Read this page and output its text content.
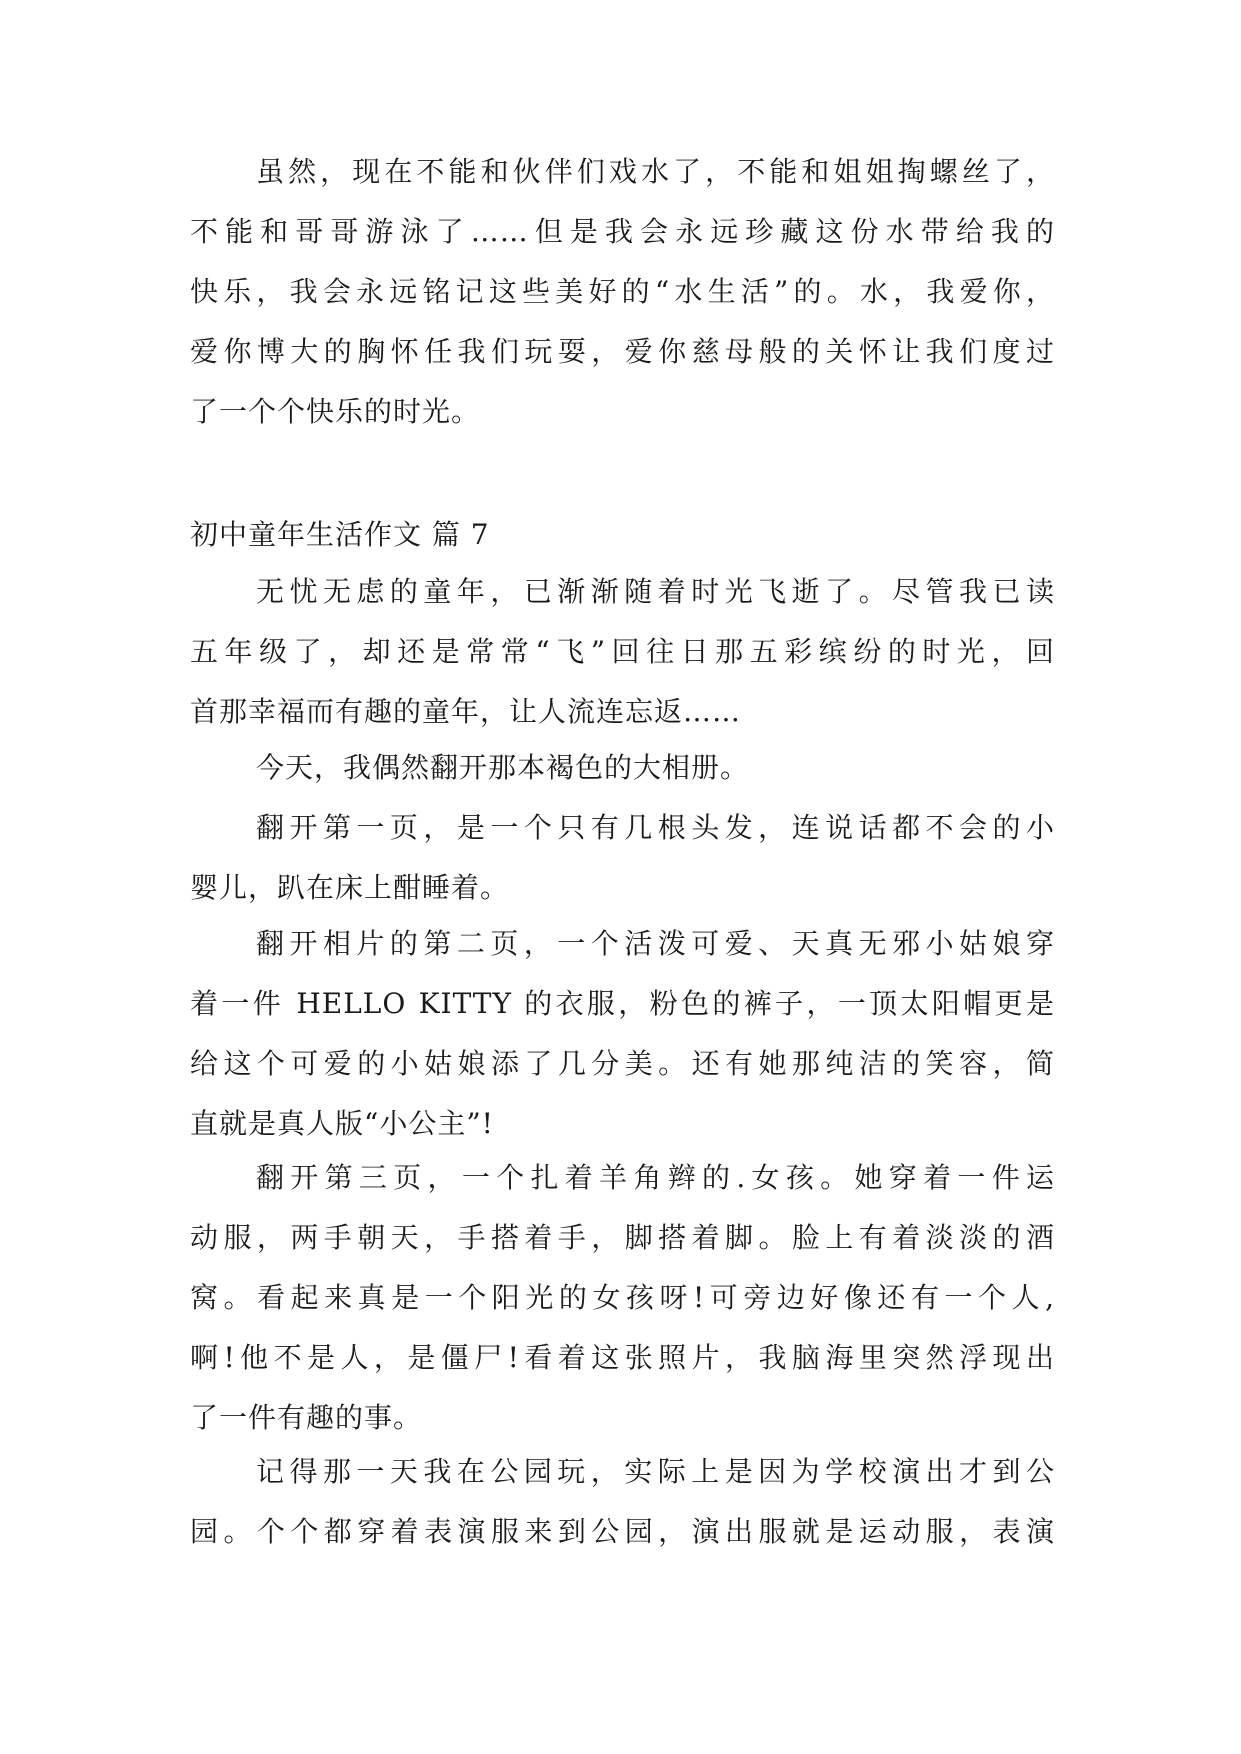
虽然，现在不能和伙伴们戏水了，不能和姐姐掏螺丝了，
不能和哥哥游泳了……但是我会永远珍藏这份水带给我的
快乐，我会永远铭记这些美好的“水生活”的。水，我爱你，
爱你博大的胸怀任我们玩耍，爱你慈母般的关怀让我们度过
了一个个快乐的时光。
初中童年生活作文 篇 7
无忧无虑的童年，已渐渐随着时光飞逝了。尽管我已读
五年级了，却还是常常“飞”回往日那五彩缤纷的时光，回
首那幸福而有趣的童年，让人流连忘返……
今天，我偶然翻开那本褐色的大相册。
翻开第一页，是一个只有几根头发，连说话都不会的小
婴儿，趴在床上酣睡着。
翻开相片的第二页，一个活泼可爱、天真无邪小姑娘穿
着一件 HELLO KITTY 的衣服，粉色的裤子，一顶太阳帽更是
给这个可爱的小姑娘添了几分美。还有她那纯洁的笑容，简
直就是真人版“小公主”!
翻开第三页，一个扎着羊角辫的.女孩。她穿着一件运
动服，两手朝天，手搭着手，脚搭着脚。脸上有着淡淡的酒
窝。看起来真是一个阳光的女孩呀!可旁边好像还有一个人,
啊!他不是人，是僵尸!看着这张照片，我脑海里突然浮现出
了一件有趣的事。
记得那一天我在公园玩，实际上是因为学校演出才到公
园。个个都穿着表演服来到公园，演出服就是运动服，表演
